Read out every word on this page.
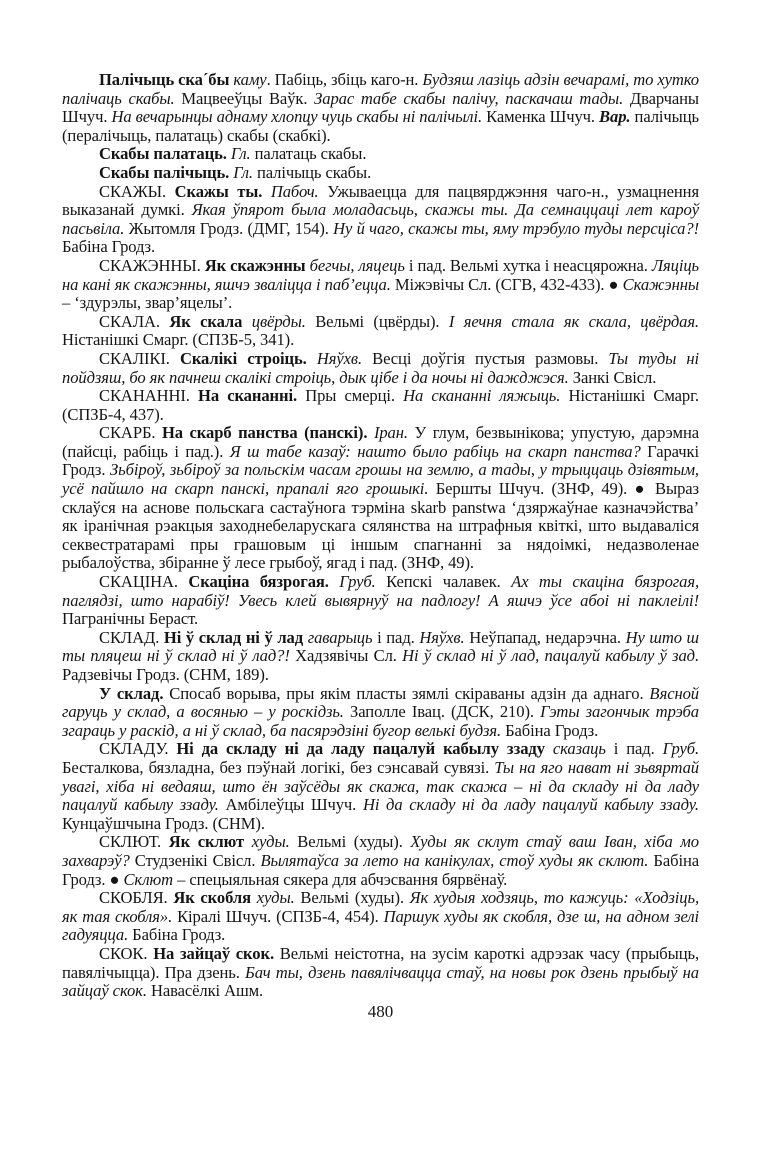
Палічыць ска´бы каму. Пабіць, збіць каго-н. Будзяш лазіць адзін вечарамі, то хутко палічаць скабы. Мацвееўцы Ваўк. Зарас табе скабы палічу, паскачаш тады. Дварчаны Шчуч. На вечарынцы аднаму хлопцу чуць скабы ні палічылі. Каменка Шчуч. Вар. палічыць (пералічыць, палатаць) скабы (скабкі).

Скабы палатаць. Гл. палатаць скабы.

Скабы палічыць. Гл. палічыць скабы.

СКАЖЫ. Скажы ты. Пабоч. Ужываецца для пацвярджэння чаго-н., узмацнення выказанай думкі. Якая ўпярот была моладасьць, скажы ты. Да семнаццаці лет кароў пасьвіла. Жытомля Гродз. (ДМГ, 154). Ну й чаго, скажы ты, яму трэбуло туды персціса?! Бабіна Гродз.

СКАЖЭННЫ. Як скажэнны бегчы, ляцець і пад. Вельмі хутка і неасцярожна. Ляціць на кані як скажэнны, яшчэ зваліцца і паб’ецца. Міжэвічы Сл. (СГВ, 432-433). ● Скажэнны – ‘здурэлы, звар’яцелы’.

СКАЛА. Як скала цвёрды. Вельмі (цвёрды). І яечня стала як скала, цвёрдая. Ністанішкі Смарг. (СПЗБ-5, 341).

СКАЛІКІ. Скалікі строіць. Няўхв. Весці доўгія пустыя размовы. Ты туды ні пойдзяш, бо як пачнеш скалікі строіць, дык цібе і да ночы ні дажджэся. Занкі Свісл.

СКАНАННІ. На скананні. Пры смерці. На скананні ляжыць. Ністанішкі Смарг. (СПЗБ-4, 437).

СКАРБ. На скарб панства (панскі). Іран. У глум, безвынікова; упустую, дарэмна (пайсці, рабіць і пад.). Я ш табе казаў: нашто было рабіць на скарп панства? Гарачкі Гродз. Зьбіроў, зьбіроў за польскім часам грошы на землю, а тады, у трыццаць дзівятым, усё пайшло на скарп панскі, прапалі яго грошыкі. Бершты Шчуч. (ЗНФ, 49). ● Выраз склаўся на аснове польскага састаўнога тэрміна skarb panstwa ‘дзяржаўнае казначэйства’ як іранічная рэакцыя заходнебеларускага сялянства на штрафныя квіткі, што выдаваліся секвестратарамі пры грашовым ці іншым спагнанні за нядоімкі, недазволенае рыбалоўства, збіранне ў лесе грыбоў, ягад і пад. (ЗНФ, 49).

СКАЦІНА. Скаціна бязрогая. Груб. Кепскі чалавек. Ах ты скаціна бязрогая, паглядзі, што нарабіў! Увесь клей вывярнуў на падлогу! А яшчэ ўсе абоі ні паклеілі! Пагранічны Бераст.

СКЛАД. Ні ў склад ні ў лад гаварыць і пад. Няўхв. Неўпапад, недарэчна. Ну што ш ты пляцеш ні ў склад ні ў лад?! Хадзявічы Сл. Ні ў склад ні ў лад, пацалуй кабылу ў зад. Радзевічы Гродз. (СНМ, 189).

У склад. Спосаб ворыва, пры якім пласты зямлі скіраваны адзін да аднаго. Вясной гаруць у склад, а восянью – у роскідзь. Заполле Івац. (ДСК, 210). Гэты загончык трэба згараць у раскід, а ні ў склад, ба пасярэдзіні бугор велькі будзя. Бабіна Гродз.

СКЛАДУ. Ні да складу ні да ладу пацалуй кабылу ззаду сказаць і пад. Груб. Бесталкова, бязладна, без пэўнай логікі, без сэнсавай сувязі. Ты на яго нават ні зьвяртай увагі, хіба ні ведаяш, што ён заўсёды як скажа, так скажа – ні да складу ні да ладу пацалуй кабылу ззаду. Амбілеўцы Шчуч. Ні да складу ні да ладу пацалуй кабылу ззаду. Кунцаўшчына Гродз. (СНМ).

СКЛЮТ. Як склют худы. Вельмі (худы). Худы як склут стаў ваш Іван, хіба мо захварэў? Студзенікі Свісл. Вылятаўса за лето на канікулах, стоў худы як склют. Бабіна Гродз. ● Склют – спецыяльная сякера для абчэсвання бярвёнаў.

СКОБЛЯ. Як скобля худы. Вельмі (худы). Як худыя ходзяць, то кажуць: «Ходзіць, як тая скобля». Кіралі Шчуч. (СПЗБ-4, 454). Паршук худы як скобля, дзе ш, на адном зелі гадуяцца. Бабіна Гродз.

СКОК. На зайцаў скок. Вельмі неістотна, на зусім кароткі адрэзак часу (прыбыць, павялічыцца). Пра дзень. Бач ты, дзень павялічвацца стаў, на новы рок дзень прыбыў на зайцаў скок. Навасёлкі Ашм.

480
